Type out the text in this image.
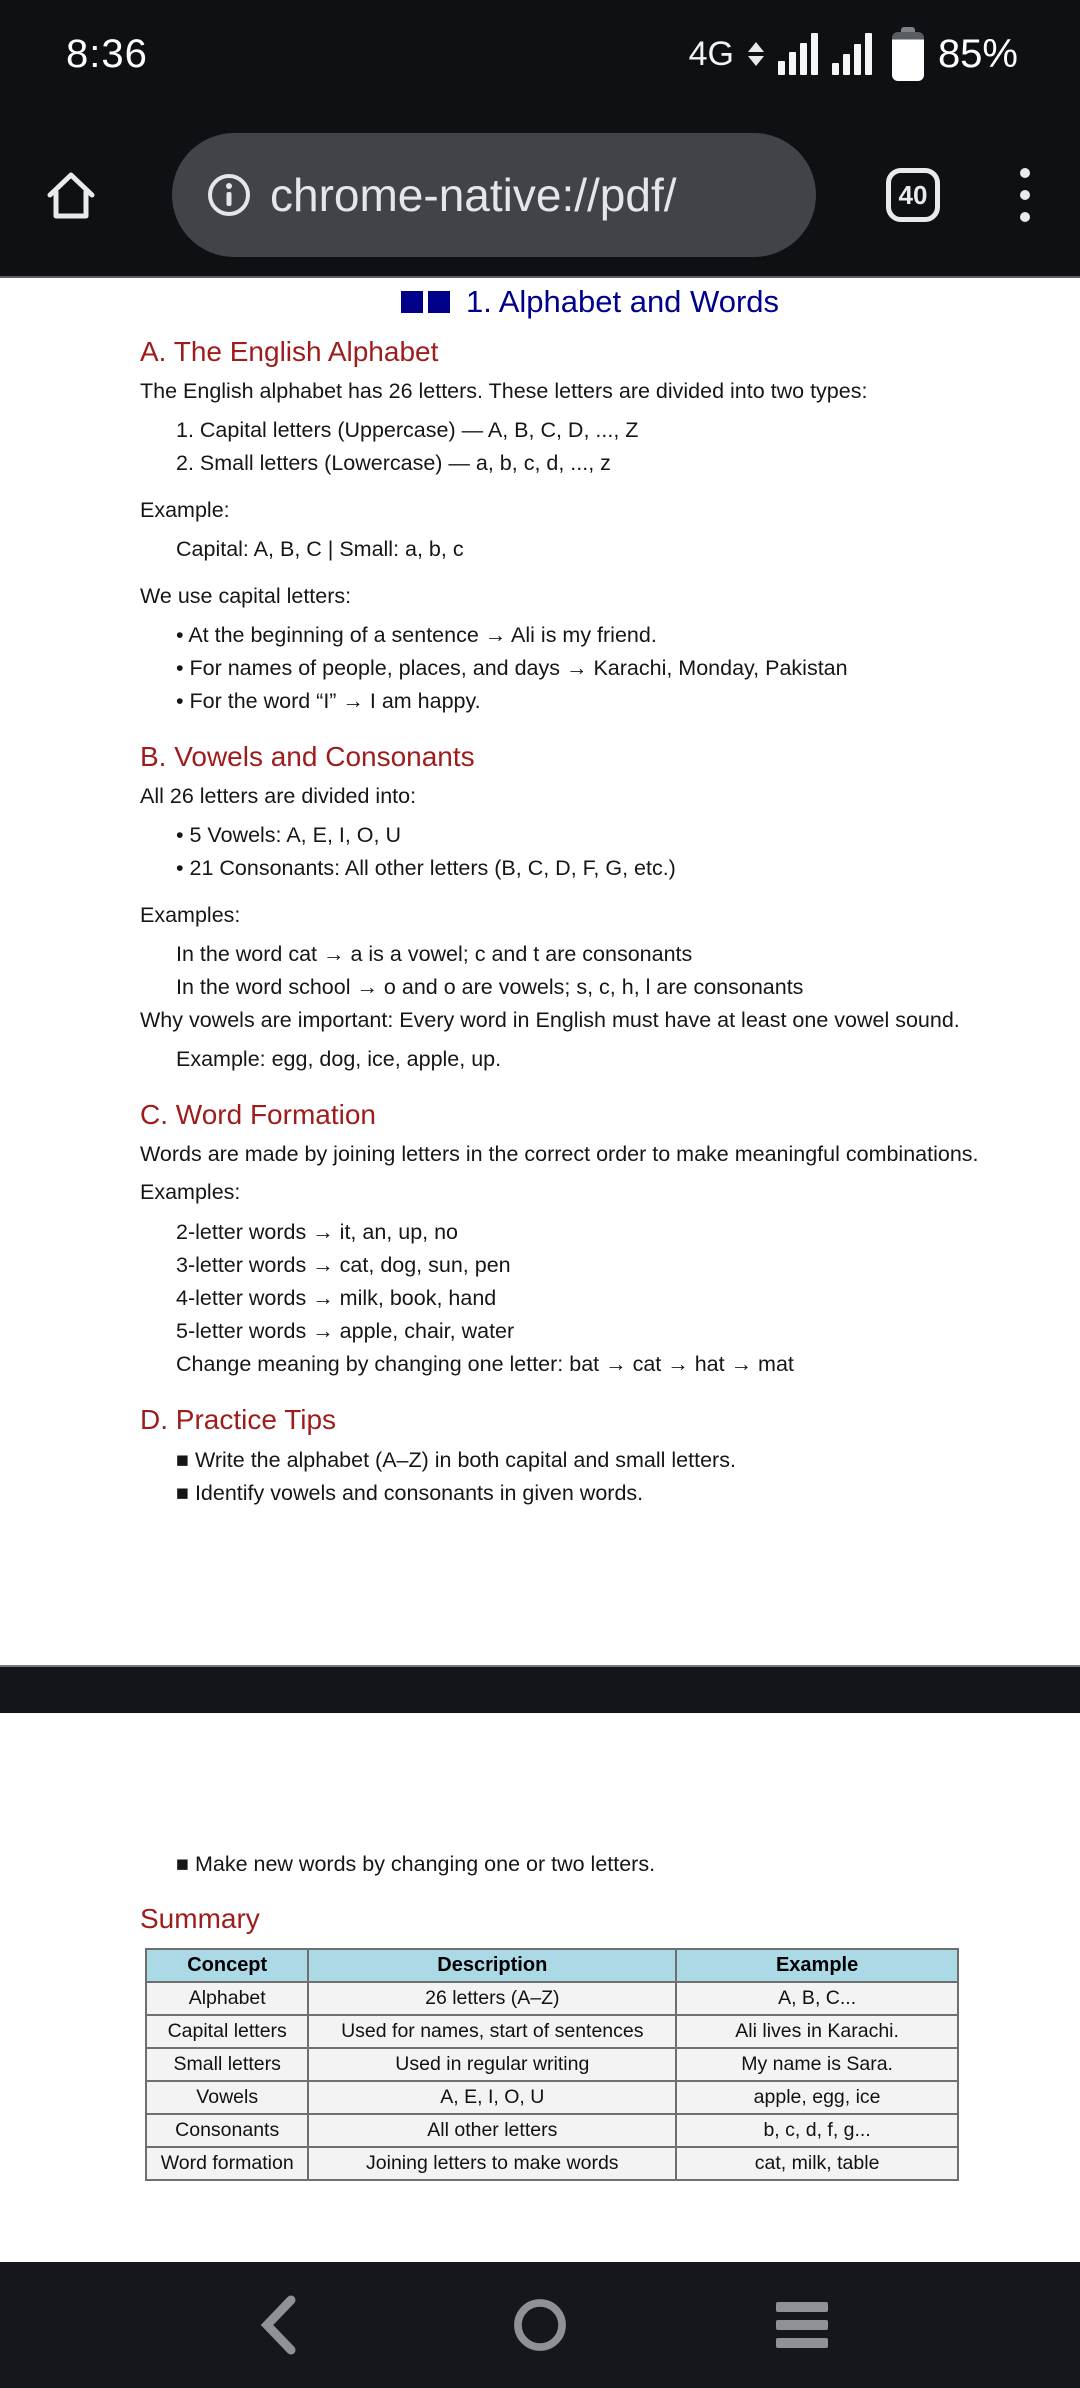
8:36	4G	85%
chrome-native://pdf/	40
1. Alphabet and Words
A. The English Alphabet

The English alphabet has 26 letters. These letters are divided into two types:

1. Capital letters (Uppercase) — A, B, C, D, ..., Z

2. Small letters (Lowercase) — a, b, c, d, ..., z

Example:

Capital: A, B, C | Small: a, b, c

We use capital letters:

• At the beginning of a sentence → Ali is my friend.

• For names of people, places, and days → Karachi, Monday, Pakistan

• For the word “I” → I am happy.

B. Vowels and Consonants

All 26 letters are divided into:

• 5 Vowels: A, E, I, O, U

• 21 Consonants: All other letters (B, C, D, F, G, etc.)

Examples:

In the word cat → a is a vowel; c and t are consonants

In the word school → o and o are vowels; s, c, h, l are consonants

Why vowels are important: Every word in English must have at least one vowel sound.

Example: egg, dog, ice, apple, up.

C. Word Formation

Words are made by joining letters in the correct order to make meaningful combinations.

Examples:

2-letter words → it, an, up, no

3-letter words → cat, dog, sun, pen

4-letter words → milk, book, hand

5-letter words → apple, chair, water

Change meaning by changing one letter: bat → cat → hat → mat

D. Practice Tips

■ Write the alphabet (A–Z) in both capital and small letters.

■ Identify vowels and consonants in given words.

■ Make new words by changing one or two letters.

Summary
Concept	Description	Example
Alphabet	26 letters (A–Z)	A, B, C...
Capital letters	Used for names, start of sentences	Ali lives in Karachi.
Small letters	Used in regular writing	My name is Sara.
Vowels	A, E, I, O, U	apple, egg, ice
Consonants	All other letters	b, c, d, f, g...
Word formation	Joining letters to make words	cat, milk, table
